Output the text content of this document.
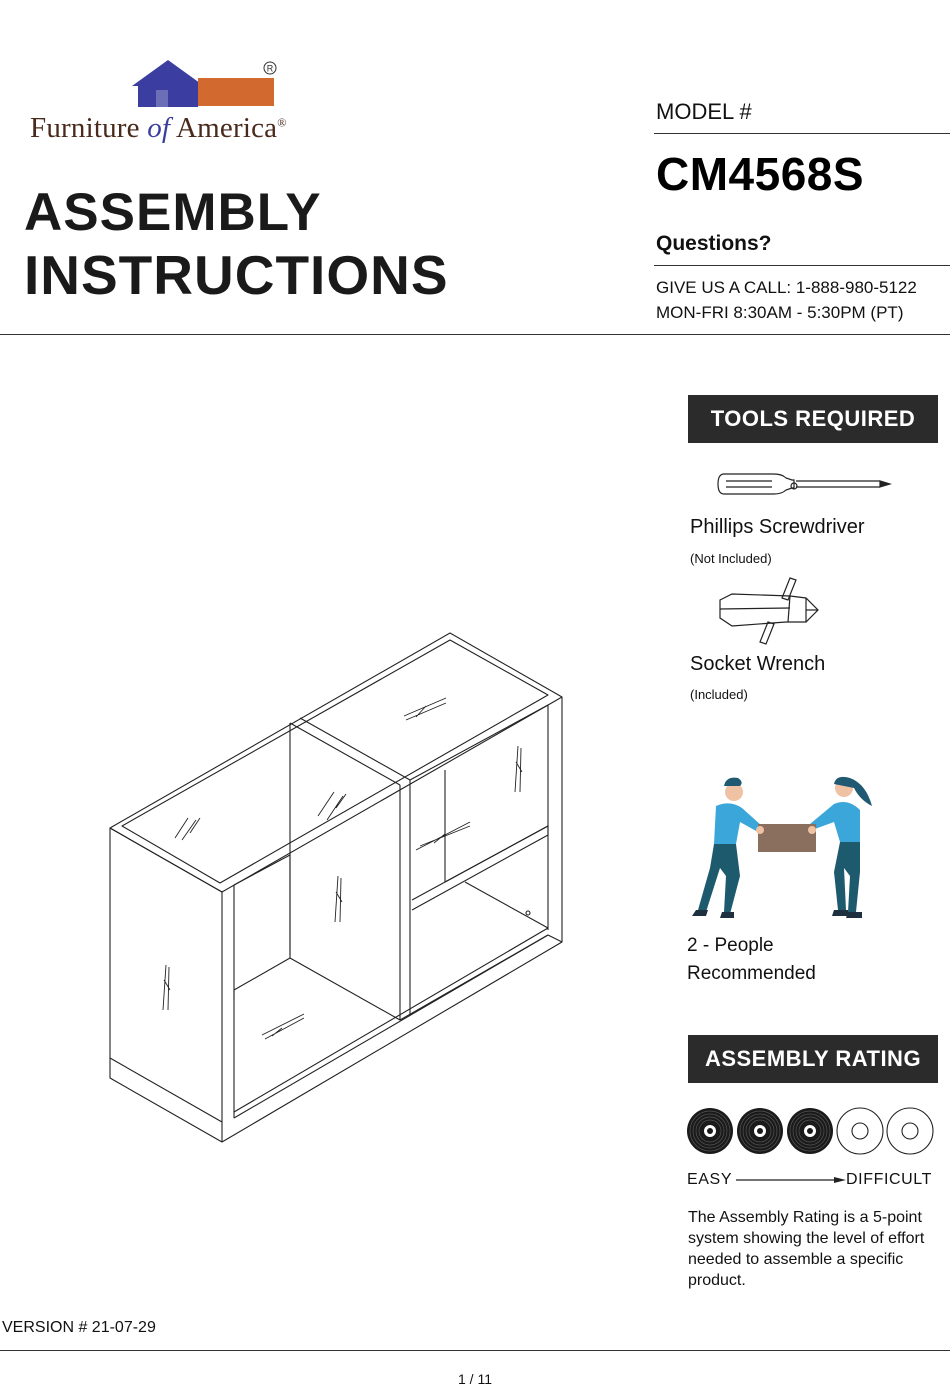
R
Furniture of America®
ASSEMBLY
INSTRUCTIONS
MODEL #
CM4568S
Questions?
GIVE US A CALL: 1-888-980-5122
MON-FRI 8:30AM - 5:30PM (PT)
TOOLS REQUIRED
Phillips Screwdriver
(Not Included)
Socket Wrench
(Included)
2 - People
Recommended
ASSEMBLY RATING
EASY	DIFFICULT
The Assembly Rating is a 5-point system showing the level of effort needed to assemble a specific product.
VERSION # 21-07-29
1 / 11
